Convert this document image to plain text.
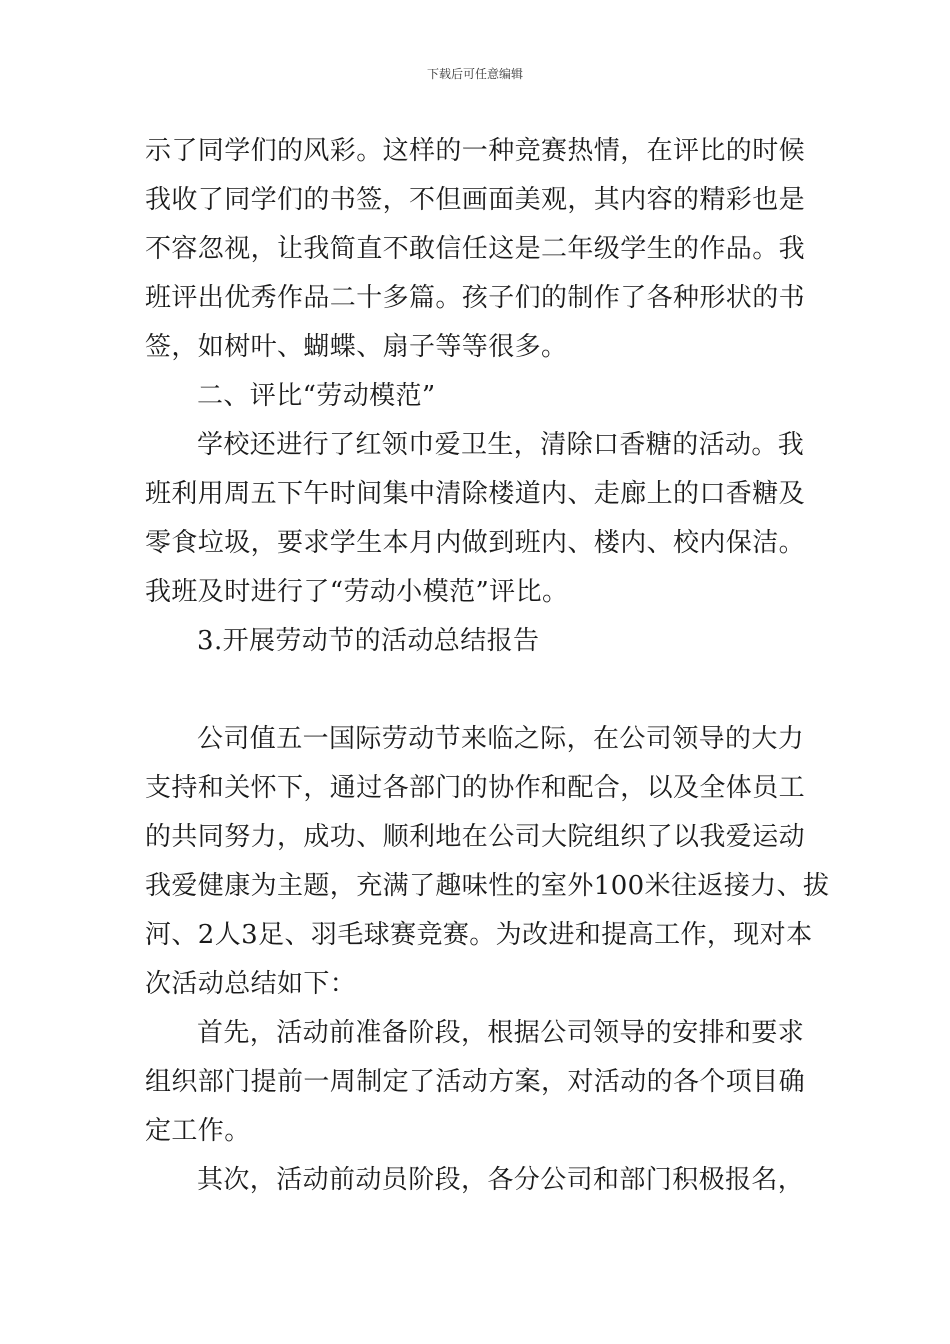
下载后可任意编辑
示了同学们的风彩。这样的一种竞赛热情，在评比的时候
我收了同学们的书签，不但画面美观，其内容的精彩也是
不容忽视，让我简直不敢信任这是二年级学生的作品。我
班评出优秀作品二十多篇。孩子们的制作了各种形状的书
签，如树叶、蝴蝶、扇子等等很多。
二、评比“劳动模范”
学校还进行了红领巾爱卫生，清除口香糖的活动。我
班利用周五下午时间集中清除楼道内、走廊上的口香糖及
零食垃圾，要求学生本月内做到班内、楼内、校内保洁。
我班及时进行了“劳动小模范”评比。
3.开展劳动节的活动总结报告
公司值五一国际劳动节来临之际，在公司领导的大力
支持和关怀下，通过各部门的协作和配合，以及全体员工
的共同努力，成功、顺利地在公司大院组织了以我爱运动
我爱健康为主题，充满了趣味性的室外100米往返接力、拔
河、2人3足、羽毛球赛竞赛。为改进和提高工作，现对本
次活动总结如下：
首先，活动前准备阶段，根据公司领导的安排和要求
组织部门提前一周制定了活动方案，对活动的各个项目确
定工作。
其次，活动前动员阶段，各分公司和部门积极报名，
